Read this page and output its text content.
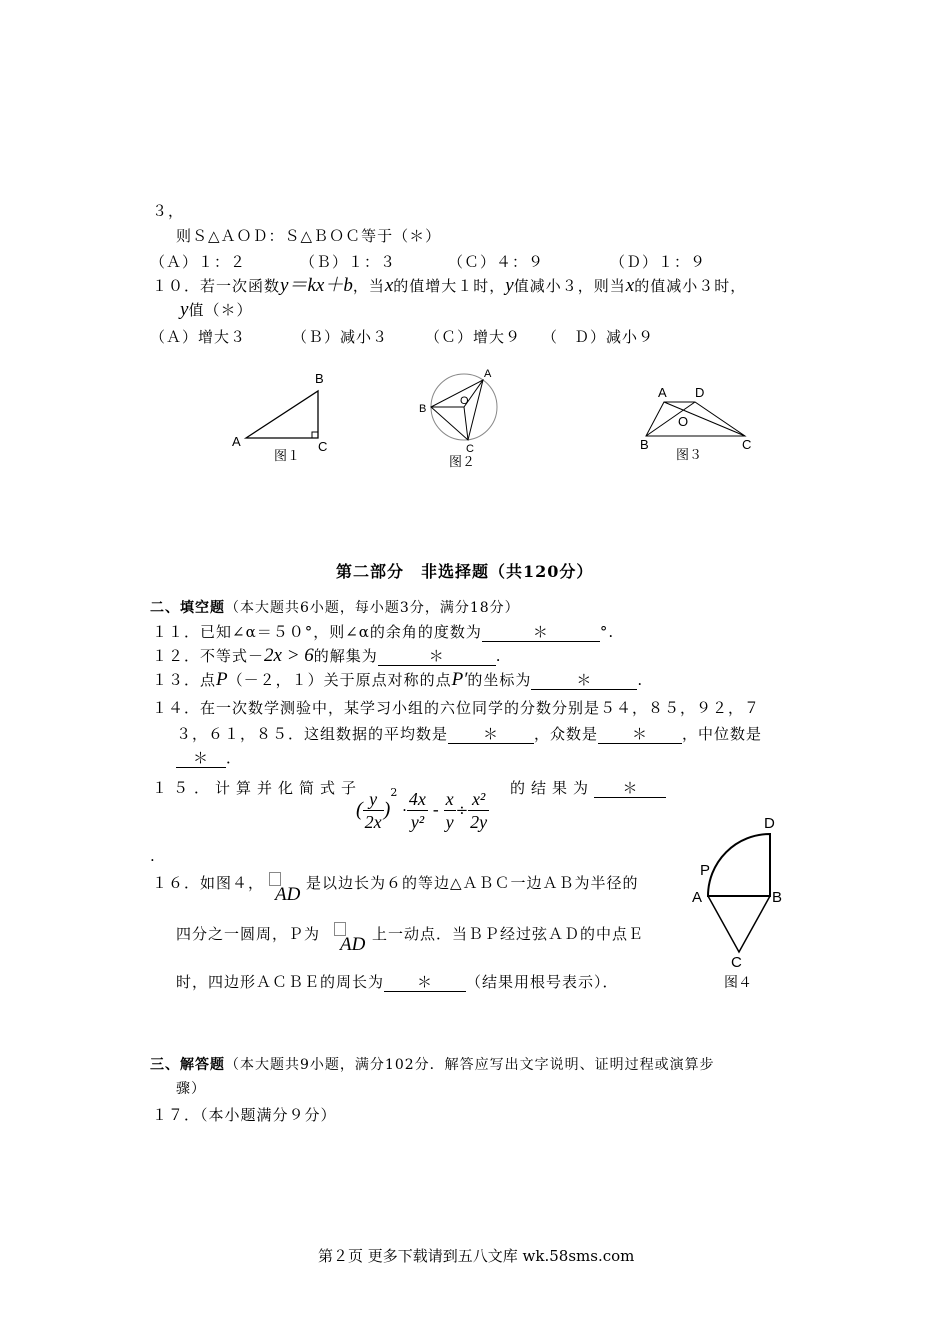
３，
则Ｓ△ＡＯＤ：Ｓ△ＢＯＣ等于（＊）
（Ａ）１：２	（Ｂ）１：３	（Ｃ）４：９	（Ｄ）１：９
１０．若一次函数y＝kx＋b，当x的值增大１时，y值减小３，则当x的值减小３时，
y值（＊）
（Ａ）增大３	（Ｂ）减小３ （Ｃ）增大９ （　Ｄ）减小９
A
B
C
图１
A
B
C
O
图２
A D
B	C
O
图３
第二部分　非选择题（共120分）
二、填空题（本大题共6小题，每小题3分，满分18分）
１１．已知∠α＝５０°，则∠α的余角的度数为	＊	°.
１２．不等式－2x > 6的解集为	＊	.
１３．点P（－２，１）关于原点对称的点P′的坐标为	＊	.
１４．在一次数学测验中，某学习小组的六位同学的分数分别是５４，８５，９２，７
３，６１，８５．这组数据的平均数是 ＊ ，众数是 ＊ ，中位数是
＊ ．
１５．计算并化简式子	的结果为 ＊
( $\frac{y}{2x} )^2 \cdot \frac{4x}{\text{y²}} - \frac{x}{y} \div \frac{\text{x²}}{2y}$
.
１６．如图４，
AD
是以边长为６的等边△ＡＢＣ一边ＡＢ为半径的
四分之一圆周，Ｐ为 AD 上一动点．当ＢＰ经过弦ＡＤ的中点Ｅ
时，四边形ＡＣＢＥ的周长为 ＊ （结果用根号表示）．
D
P
A	B
C
图４
三、解答题（本大题共9小题，满分102分．解答应写出文字说明、证明过程或演算步
骤）
１７．（本小题满分９分）
第２页 更多下载请到五八文库 wk.58sms.com
